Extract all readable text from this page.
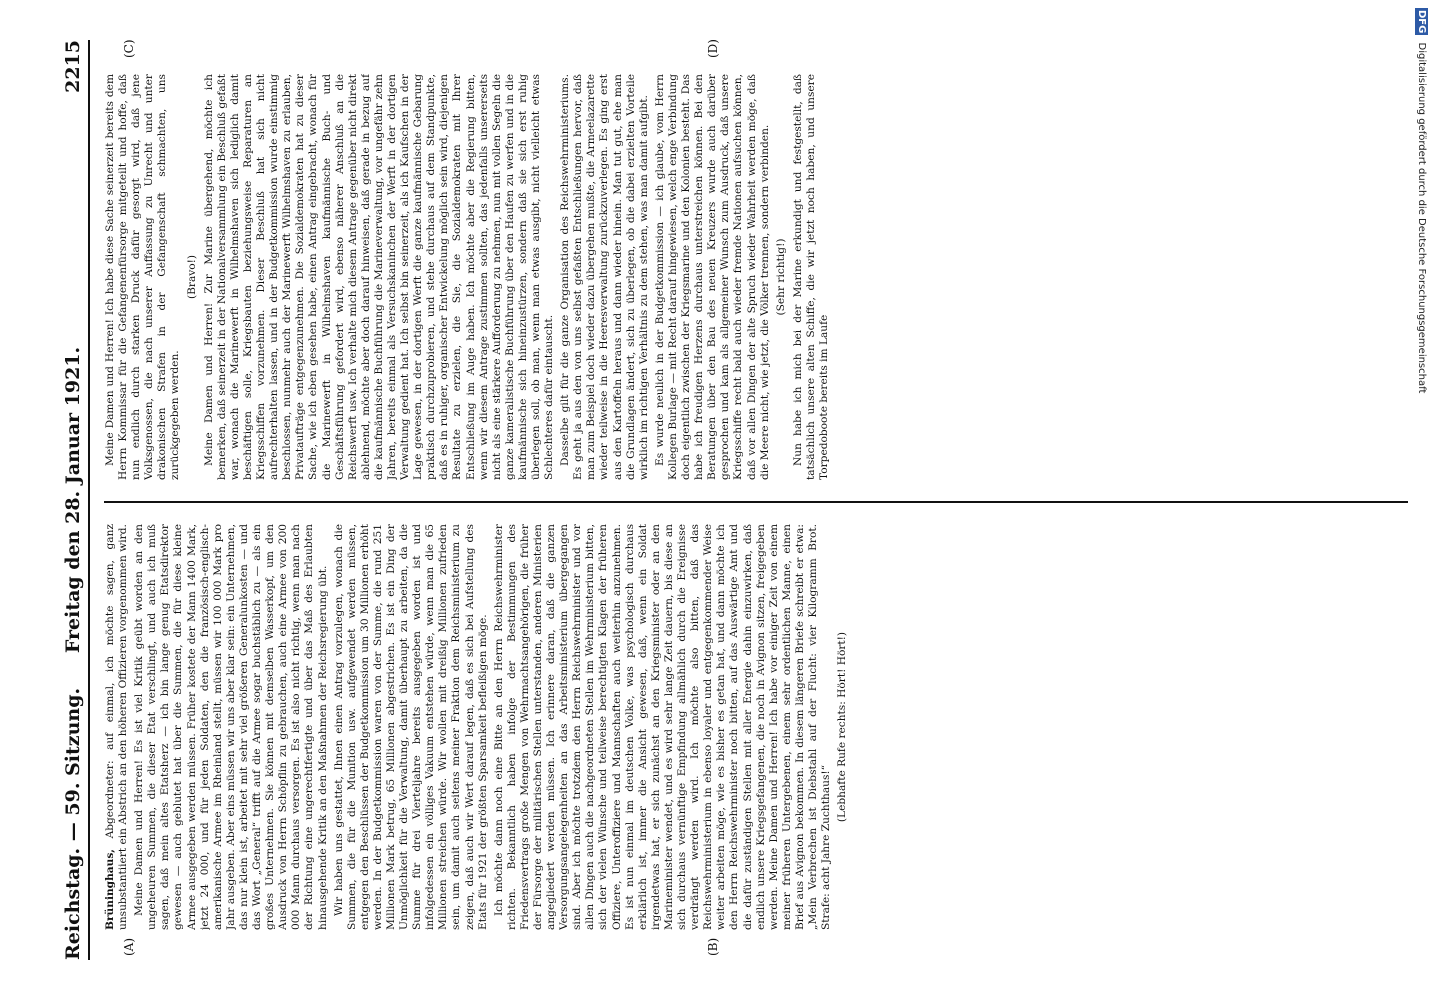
Reichstag. — 59. Sitzung.
Freitag den 28. Januar 1921.
2215
(A)	(B)
(C)	(D)

Brüninghaus, Abgeordneter: auf einmal, ich möchte sagen, ganz unsubstantiiert ein Abstrich an den höheren Offizieren vorgenommen wird. Meine Damen und Herren! Es ist viel Kritik geübt worden an den ungeheuren Summen, die dieser Etat verschlingt, und auch ich muß sagen, daß mein altes Etatsherz — ich bin lange genug Etatsdirektor gewesen — auch geblutet hat über die Summen, die für diese kleine Armee ausgegeben werden müssen. Früher kostete der Mann 1400 Mark, jetzt 24 000, und für jeden Soldaten, den die französisch-englisch-amerikanische Armee im Rheinland stellt, müssen wir 100 000 Mark pro Jahr ausgeben. Aber eins müssen wir uns aber klar sein: ein Unternehmen, das nur klein ist, arbeitet mit sehr viel größeren Generalunkosten — und das Wort „General“ trifft auf die Armee sogar buchstäblich zu — als ein großes Unternehmen. Sie können mit demselben Wasserkopf, um den Ausdruck von Herrn Schöpflin zu gebrauchen, auch eine Armee von 200 000 Mann durchaus versorgen. Es ist also nicht richtig, wenn man nach der Richtung eine ungerechtfertigte und über das Maß des Erlaubten hinausgehende Kritik an den Maßnahmen der Reichsregierung übt. Wir haben uns gestattet, Ihnen einen Antrag vorzulegen, wonach die Summen, die für die Munition usw. aufgewendet werden müssen, entgegen den Beschlüssen der Budgetkommission um 30 Millionen erhöht werden. In der Budgetkommission waren von der Summe, die rund 251 Millionen Mark betrug, 65 Millionen abgestrichen. Es ist ein Ding der Unmöglichkeit für die Verwaltung, damit überhaupt zu arbeiten, da die Summe für drei Vierteljahre bereits ausgegeben worden ist und infolgedessen ein völliges Vakuum entstehen würde, wenn man die 65 Millionen streichen würde. Wir wollen mit dreißig Millionen zufrieden sein, um damit auch seitens meiner Fraktion dem Reichsministerium zu zeigen, daß auch wir Wert darauf legen, daß es sich bei Aufstellung des Etats für 1921 der größten Sparsamkeit befleißigen möge. Ich möchte dann noch eine Bitte an den Herrn Reichswehrminister richten. Bekanntlich haben infolge der Bestimmungen des Friedensvertrags große Mengen von Wehrmachtsangehörigen, die früher der Fürsorge der militärischen Stellen unterstanden, anderen Ministerien angegliedert werden müssen. Ich erinnere daran, daß die ganzen Versorgungsangelegenheiten an das Arbeitsministerium übergegangen sind. Aber ich möchte trotzdem den Herrn Reichswehrminister und vor allen Dingen auch die nachgeordneten Stellen im Wehrministerium bitten, sich der vielen Wünsche und teilweise berechtigten Klagen der früheren Offiziere, Unteroffiziere und Mannschaften auch weiterhin anzunehmen. Es ist nun einmal im deutschen Volke, was psychologisch durchaus erklärlich ist, immer die Ansicht gewesen, daß, wenn ein Soldat irgendetwas hat, er sich zunächst an den Kriegsminister oder an den Marineminister wendet, und es wird sehr lange Zeit dauern, bis diese an sich durchaus vernünftige Empfindung allmählich durch die Ereignisse verdrängt werden wird. Ich möchte also bitten, daß das Reichswehrministerium in ebenso loyaler und entgegenkommender Weise weiter arbeiten möge, wie es bisher es getan hat, und dann möchte ich den Herrn Reichswehrminister noch bitten, auf das Auswärtige Amt und die dafür zuständigen Stellen mit aller Energie dahin einzuwirken, daß endlich unsere Kriegsgefangenen, die noch in Avignon sitzen, freigegeben werden. Meine Damen und Herren! Ich habe vor einiger Zeit von einem meiner früheren Untergebenen, einem sehr ordentlichen Manne, einen Brief aus Avignon bekommen. In diesem längeren Briefe schreibt er etwa: „Mein Verbrechen ist Diebstahl auf der Flucht: vier Kilogramm Brot. Strafe: acht Jahre Zuchthaus!“

(Lebhafte Rufe rechts: Hört! Hört!)

Meine Damen und Herren! Ich habe diese Sache seinerzeit bereits dem Herrn Kommissar für die Gefangenenfürsorge mitgeteilt und hoffe, daß nun endlich durch starken Druck dafür gesorgt wird, daß jene Volksgenossen, die nach unserer Auffassung zu Unrecht und unter drakonischen Strafen in der Gefangenschaft schmachten, uns zurückgegeben werden.

(Bravo!) Meine Damen und Herren! Zur Marine übergehend, möchte ich bemerken, daß seinerzeit in der Nationalversammlung ein Beschluß gefaßt war, wonach die Marinewerft in Wilhelmshaven sich lediglich damit beschäftigen solle, Kriegsbauten beziehungsweise Reparaturen an Kriegsschiffen vorzunehmen. Dieser Beschluß hat sich nicht aufrechterhalten lassen, und in der Budgetkommission wurde einstimmig beschlossen, nunmehr auch der Marinewerft Wilhelmshaven zu erlauben, Privataufträge entgegenzunehmen. Die Sozialdemokraten hat zu dieser Sache, wie ich eben gesehen habe, einen Antrag eingebracht, wonach für die Marinewerft in Wilhelmshaven kaufmännische Buch- und Geschäftsführung gefordert wird, ebenso näherer Anschluß an die Reichswerft usw. Ich verhalte mich diesem Antrage gegenüber nicht direkt ablehnend, möchte aber doch darauf hinweisen, daß gerade in bezug auf die kaufmännische Buchführung die Marineverwaltung, vor ungefähr zehn Jahren, bereits einmal als Versuchskaninchen der Werft in der dortigen Verwaltung gedient hat. Ich selbst bin seinerzeit, als ich Kaufschen in der Lage gewesen, in der dortigen Werft die ganze kaufmännische Gebarung praktisch durchzuprobieren, und stehe durchaus auf dem Standpunkte, daß es in ruhiger, organischer Entwickelung möglich sein wird, diejenigen Resultate zu erzielen, die Sie, die Sozialdemokraten mit Ihrer Entschließung im Auge haben. Ich möchte aber die Regierung bitten, wenn wir diesem Antrage zustimmen sollten, das jedenfalls unsererseits nicht als eine stärkere Aufforderung zu nehmen, nun mit vollen Segeln die ganze kameralistische Buchführung über den Haufen zu werfen und in die kaufmännische sich hineinzustürzen, sondern daß sie sich erst ruhig überlegen soll, ob man, wenn man etwas ausgibt, nicht vielleicht etwas Schlechteres dafür eintauscht. Dasselbe gilt für die ganze Organisation des Reichswehrministeriums. Es geht ja aus den von uns selbst gefaßten Entschließungen hervor, daß man zum Beispiel doch wieder dazu übergehen mußte, die Armeelazarette wieder teilweise in die Heeresverwaltung zurückzuverlegen. Es ging erst aus den Kartoffeln heraus und dann wieder hinein. Man tut gut, ehe man die Grundlagen ändert, sich zu überlegen, ob die dabei erzielten Vorteile wirklich im richtigen Verhältnis zu dem stehen, was man damit aufgibt. Es wurde neulich in der Budgetkommission — ich glaube, vom Herrn Kollegen Burlage — mit Recht darauf hingewiesen, welch enge Verbindung doch eigentlich zwischen der Kriegsmarine und den Kolonien besteht. Das habe ich freudigen Herzens durchaus unterstreichen können. Bei den Beratungen über den Bau des neuen Kreuzers wurde auch darüber gesprochen und kam als allgemeiner Wunsch zum Ausdruck, daß unsere Kriegsschiffe recht bald auch wieder fremde Nationen aufsuchen können, daß vor allen Dingen der alte Spruch wieder Wahrheit werden möge, daß die Meere nicht, wie jetzt, die Völker trennen, sondern verbinden. (Sehr richtig!) Nun habe ich mich bei der Marine erkundigt und festgestellt, daß tatsächlich unsere alten Schiffe, die wir jetzt noch haben, und unsere Torpedoboote bereits im Laufe

DFG Digitalisierung gefördert durch die Deutsche Forschungsgemeinschaft
